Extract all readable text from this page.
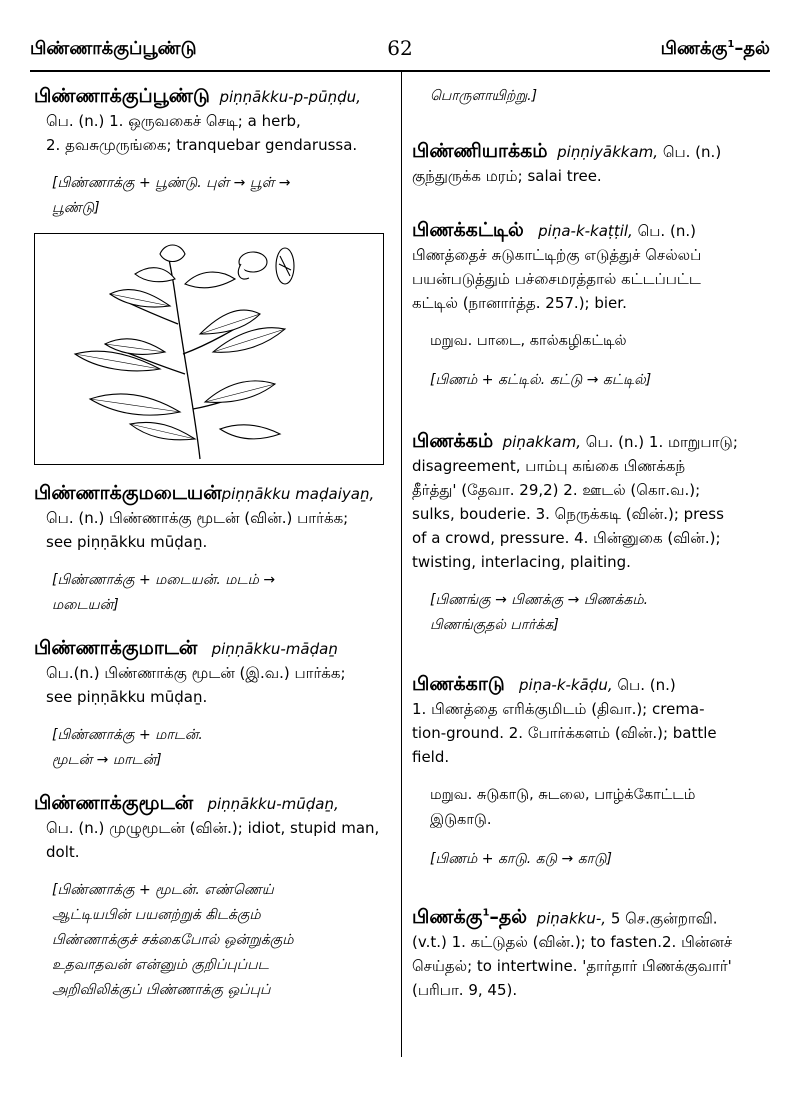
பிண்ணாக்குப்பூண்டு	62	பிணக்கு$^1$–தல்
பிண்ணாக்குப்பூண்டு piṇṇākku-p-pūṇḍu,
பெ. (n.) 1. ஒருவகைச் செடி; a herb,
2. தவசுமுருங்கை; tranquebar gendarussa.
[பிண்ணாக்கு + பூண்டு. புள் → பூள் →
பூண்டு]
பிண்ணாக்குமடையன்piṇṇākku maḍaiyaṉ,
பெ. (n.) பிண்ணாக்கு மூடன் (வின்.) பார்க்க;
see piṇṇākku mūḍaṉ.
[பிண்ணாக்கு + மடையன். மடம் →
மடையன்]
பிண்ணாக்குமாடன் piṇṇākku-māḍaṉ
பெ.(n.) பிண்ணாக்கு மூடன் (இ.வ.) பார்க்க;
see piṇṇākku mūḍaṉ.
[பிண்ணாக்கு + மாடன்.
மூடன் → மாடன்]
பிண்ணாக்குமூடன் piṇṇākku-mūḍaṉ,
பெ. (n.) முழுமூடன் (வின்.); idiot, stupid man,
dolt.
[பிண்ணாக்கு + மூடன். எண்ணெய்
ஆட்டியபின் பயனற்றுக் கிடக்கும்
பிண்ணாக்குச் சக்கைபோல் ஒன்றுக்கும்
உதவாதவன் என்னும் குறிப்புப்பட
அறிவிலிக்குப் பிண்ணாக்கு ஒப்புப்
பொருளாயிற்று.]
பிண்ணியாக்கம் piṇṇiyākkam, பெ. (n.)
குந்துருக்க மரம்; salai tree.
பிணக்கட்டில் piṇa-k-kaṭṭil, பெ. (n.)
பிணத்தைச் சுடுகாட்டிற்கு எடுத்துச் செல்லப்
பயன்படுத்தும் பச்சைமரத்தால் கட்டப்பட்ட
கட்டில் (நானார்த்த. 257.); bier.
மறுவ. பாடை, கால்கழிகட்டில்
[பிணம் + கட்டில். கட்டு → கட்டில்]
பிணக்கம் piṇakkam, பெ. (n.) 1. மாறுபாடு;
disagreement, பாம்பு கங்கை பிணக்கந்
தீர்த்து' (தேவா. 29,2) 2. ஊடல் (கொ.வ.);
sulks, bouderie. 3. நெருக்கடி (வின்.); press
of a crowd, pressure. 4. பின்னுகை (வின்.);
twisting, interlacing, plaiting.
[பிணங்கு → பிணக்கு → பிணக்கம்.
பிணங்குதல் பார்க்க]
பிணக்காடு piṇa-k-kāḍu, பெ. (n.)
1. பிணத்தை எரிக்குமிடம் (திவா.); crema-
tion-ground. 2. போர்க்களம் (வின்.); battle
field.
மறுவ. சுடுகாடு, சுடலை, பாழ்க்கோட்டம்
இடுகாடு.
[பிணம் + காடு. கடு → காடு]
பிணக்கு$^1$–தல் piṇakku-, 5 செ.குன்றாவி.
(v.t.) 1. கட்டுதல் (வின்.); to fasten.2. பின்னச்
செய்தல்; to intertwine. 'தார்தார் பிணக்குவார்'
(பரிபா. 9, 45).
